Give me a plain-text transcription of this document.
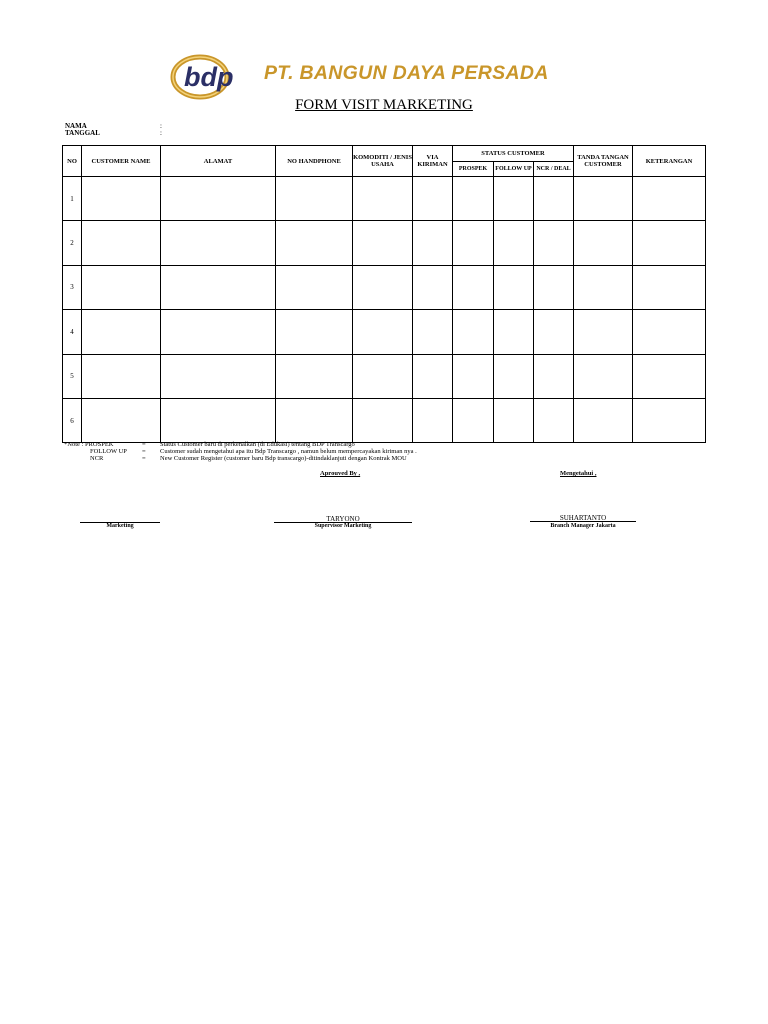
bdp PT. BANGUN DAYA PERSADA
FORM VISIT MARKETING
NAMA	:
TANGGAL	:
NO	CUSTOMER NAME	ALAMAT	NO HANDPHONE	KOMODITI / JENIS USAHA	VIA KIRIMAN	STATUS CUSTOMER			TANDA TANGAN CUSTOMER	KETERANGAN
						PROSPEK	FOLLOW UP	NCR / DEAL		
1										
2										
3										
4										
5										
6										
*Note : PROSPEK	= Status Customer baru di perkenalkan (di Edukasi) tentang BDP Transcargo
FOLLOW UP = Customer sudah mengetahui apa itu Bdp Transcargo , namun belum mempercayakan kiriman nya .
NCR	= New Customer Register (customer baru Bdp transcargo)-ditindaklanjuti dengan Kontrak MOU
Aprouved By ,	Mengetahui ,
Marketing
TARYONO
Supervisor Marketing
SUHARTANTO
Branch Manager Jakarta
